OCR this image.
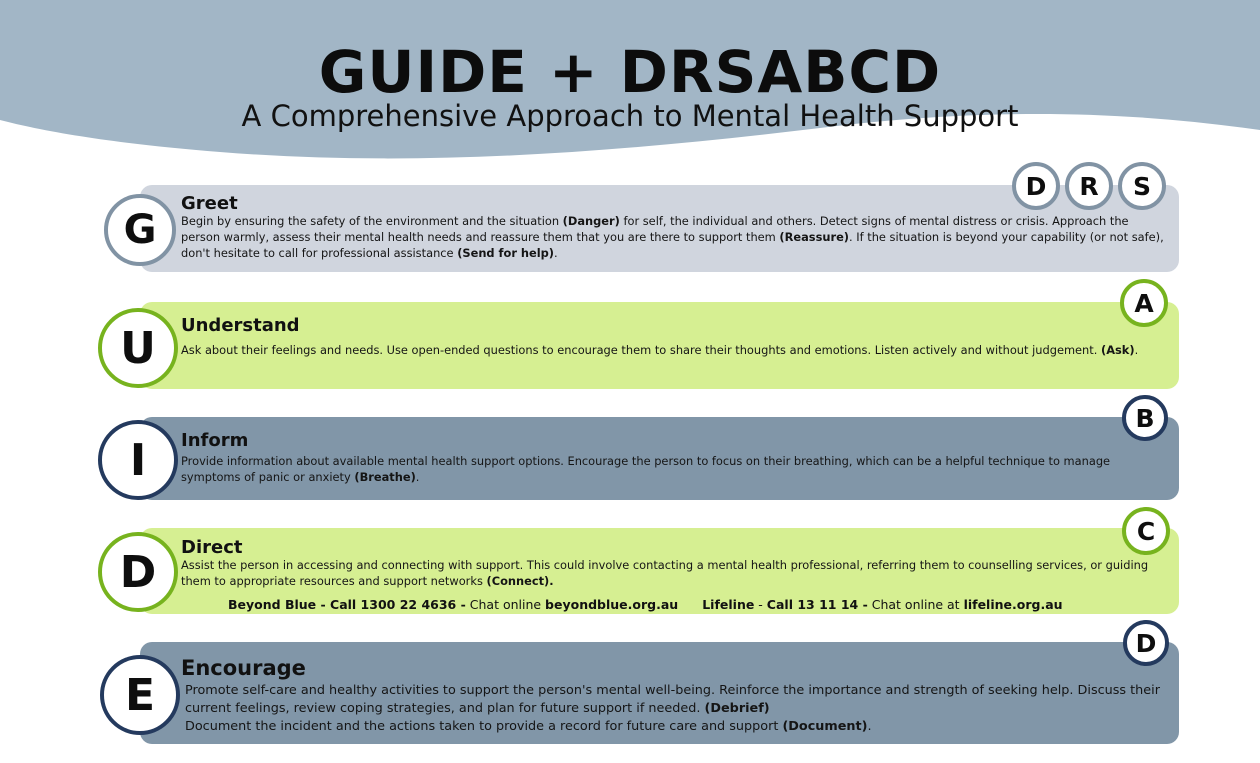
GUIDE + DRSABCD
A Comprehensive Approach to Mental Health Support
Greet

Begin by ensuring the safety of the environment and the situation (Danger) for self, the individual and others. Detect signs of mental distress or crisis. Approach the person warmly, assess their mental health needs and reassure them that you are there to support them (Reassure). If the situation is beyond your capability (or not safe), don't hesitate to call for professional assistance (Send for help).

G
D R S
Understand

Ask about their feelings and needs. Use open-ended questions to encourage them to share their thoughts and emotions. Listen actively and without judgement. (Ask).

U
A
Inform

Provide information about available mental health support options. Encourage the person to focus on their breathing, which can be a helpful technique to manage symptoms of panic or anxiety (Breathe).

I
B
Direct

Assist the person in accessing and connecting with support. This could involve contacting a mental health professional, referring them to counselling services, or guiding them to appropriate resources and support networks (Connect).

Beyond Blue - Call 1300 22 4636 - Chat online beyondblue.org.au Lifeline - Call 13 11 14 - Chat online at lifeline.org.au
D
C
Encourage

Promote self-care and healthy activities to support the person's mental well-being. Reinforce the importance and strength of seeking help. Discuss their current feelings, review coping strategies, and plan for future support if needed. (Debrief)
Document the incident and the actions taken to provide a record for future care and support (Document).

E
D
